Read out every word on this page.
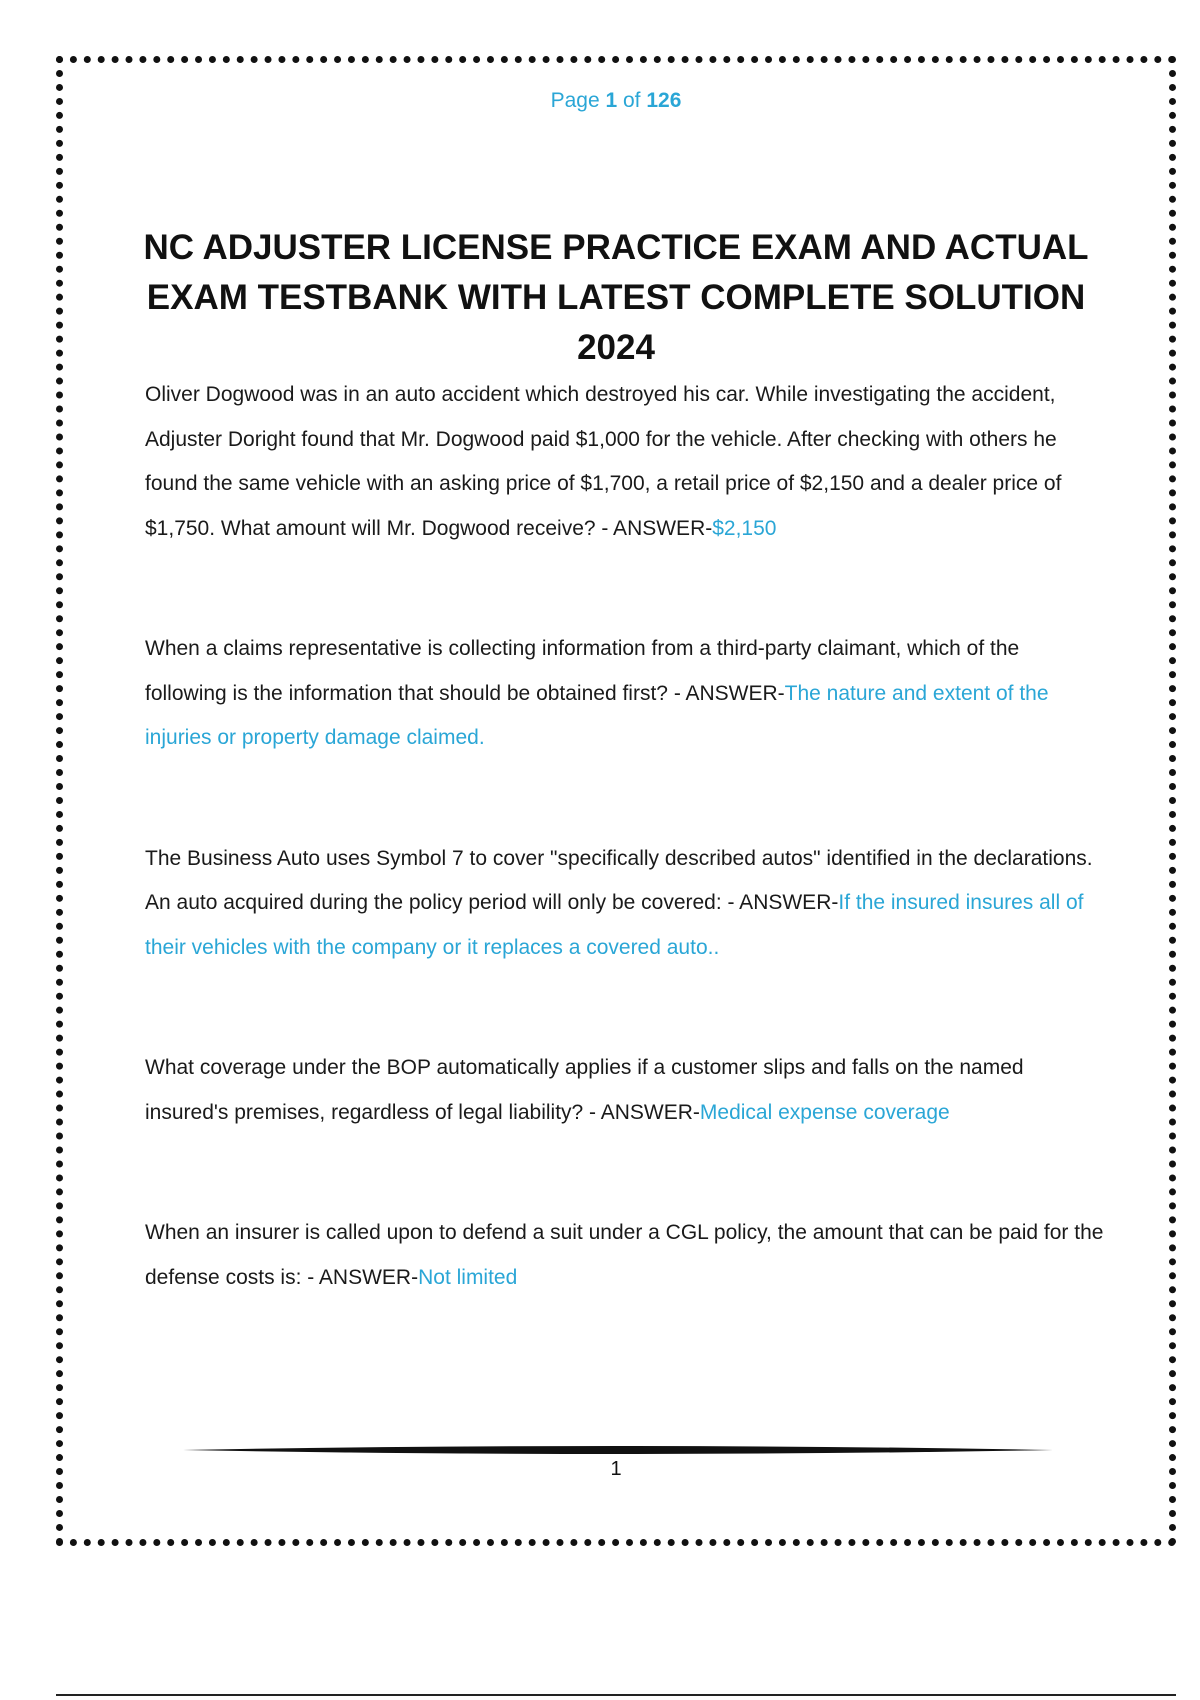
Page 1 of 126
NC ADJUSTER LICENSE PRACTICE EXAM AND ACTUAL EXAM TESTBANK WITH LATEST COMPLETE SOLUTION 2024

Oliver Dogwood was in an auto accident which destroyed his car. While investigating the accident, Adjuster Doright found that Mr. Dogwood paid $1,000 for the vehicle. After checking with others he found the same vehicle with an asking price of $1,700, a retail price of $2,150 and a dealer price of $1,750. What amount will Mr. Dogwood receive? - ANSWER-$2,150

When a claims representative is collecting information from a third-party claimant, which of the following is the information that should be obtained first? - ANSWER-The nature and extent of the injuries or property damage claimed.

The Business Auto uses Symbol 7 to cover "specifically described autos" identified in the declarations. An auto acquired during the policy period will only be covered: - ANSWER-If the insured insures all of their vehicles with the company or it replaces a covered auto..

What coverage under the BOP automatically applies if a customer slips and falls on the named insured's premises, regardless of legal liability? - ANSWER-Medical expense coverage

When an insurer is called upon to defend a suit under a CGL policy, the amount that can be paid for the defense costs is: - ANSWER-Not limited

1
